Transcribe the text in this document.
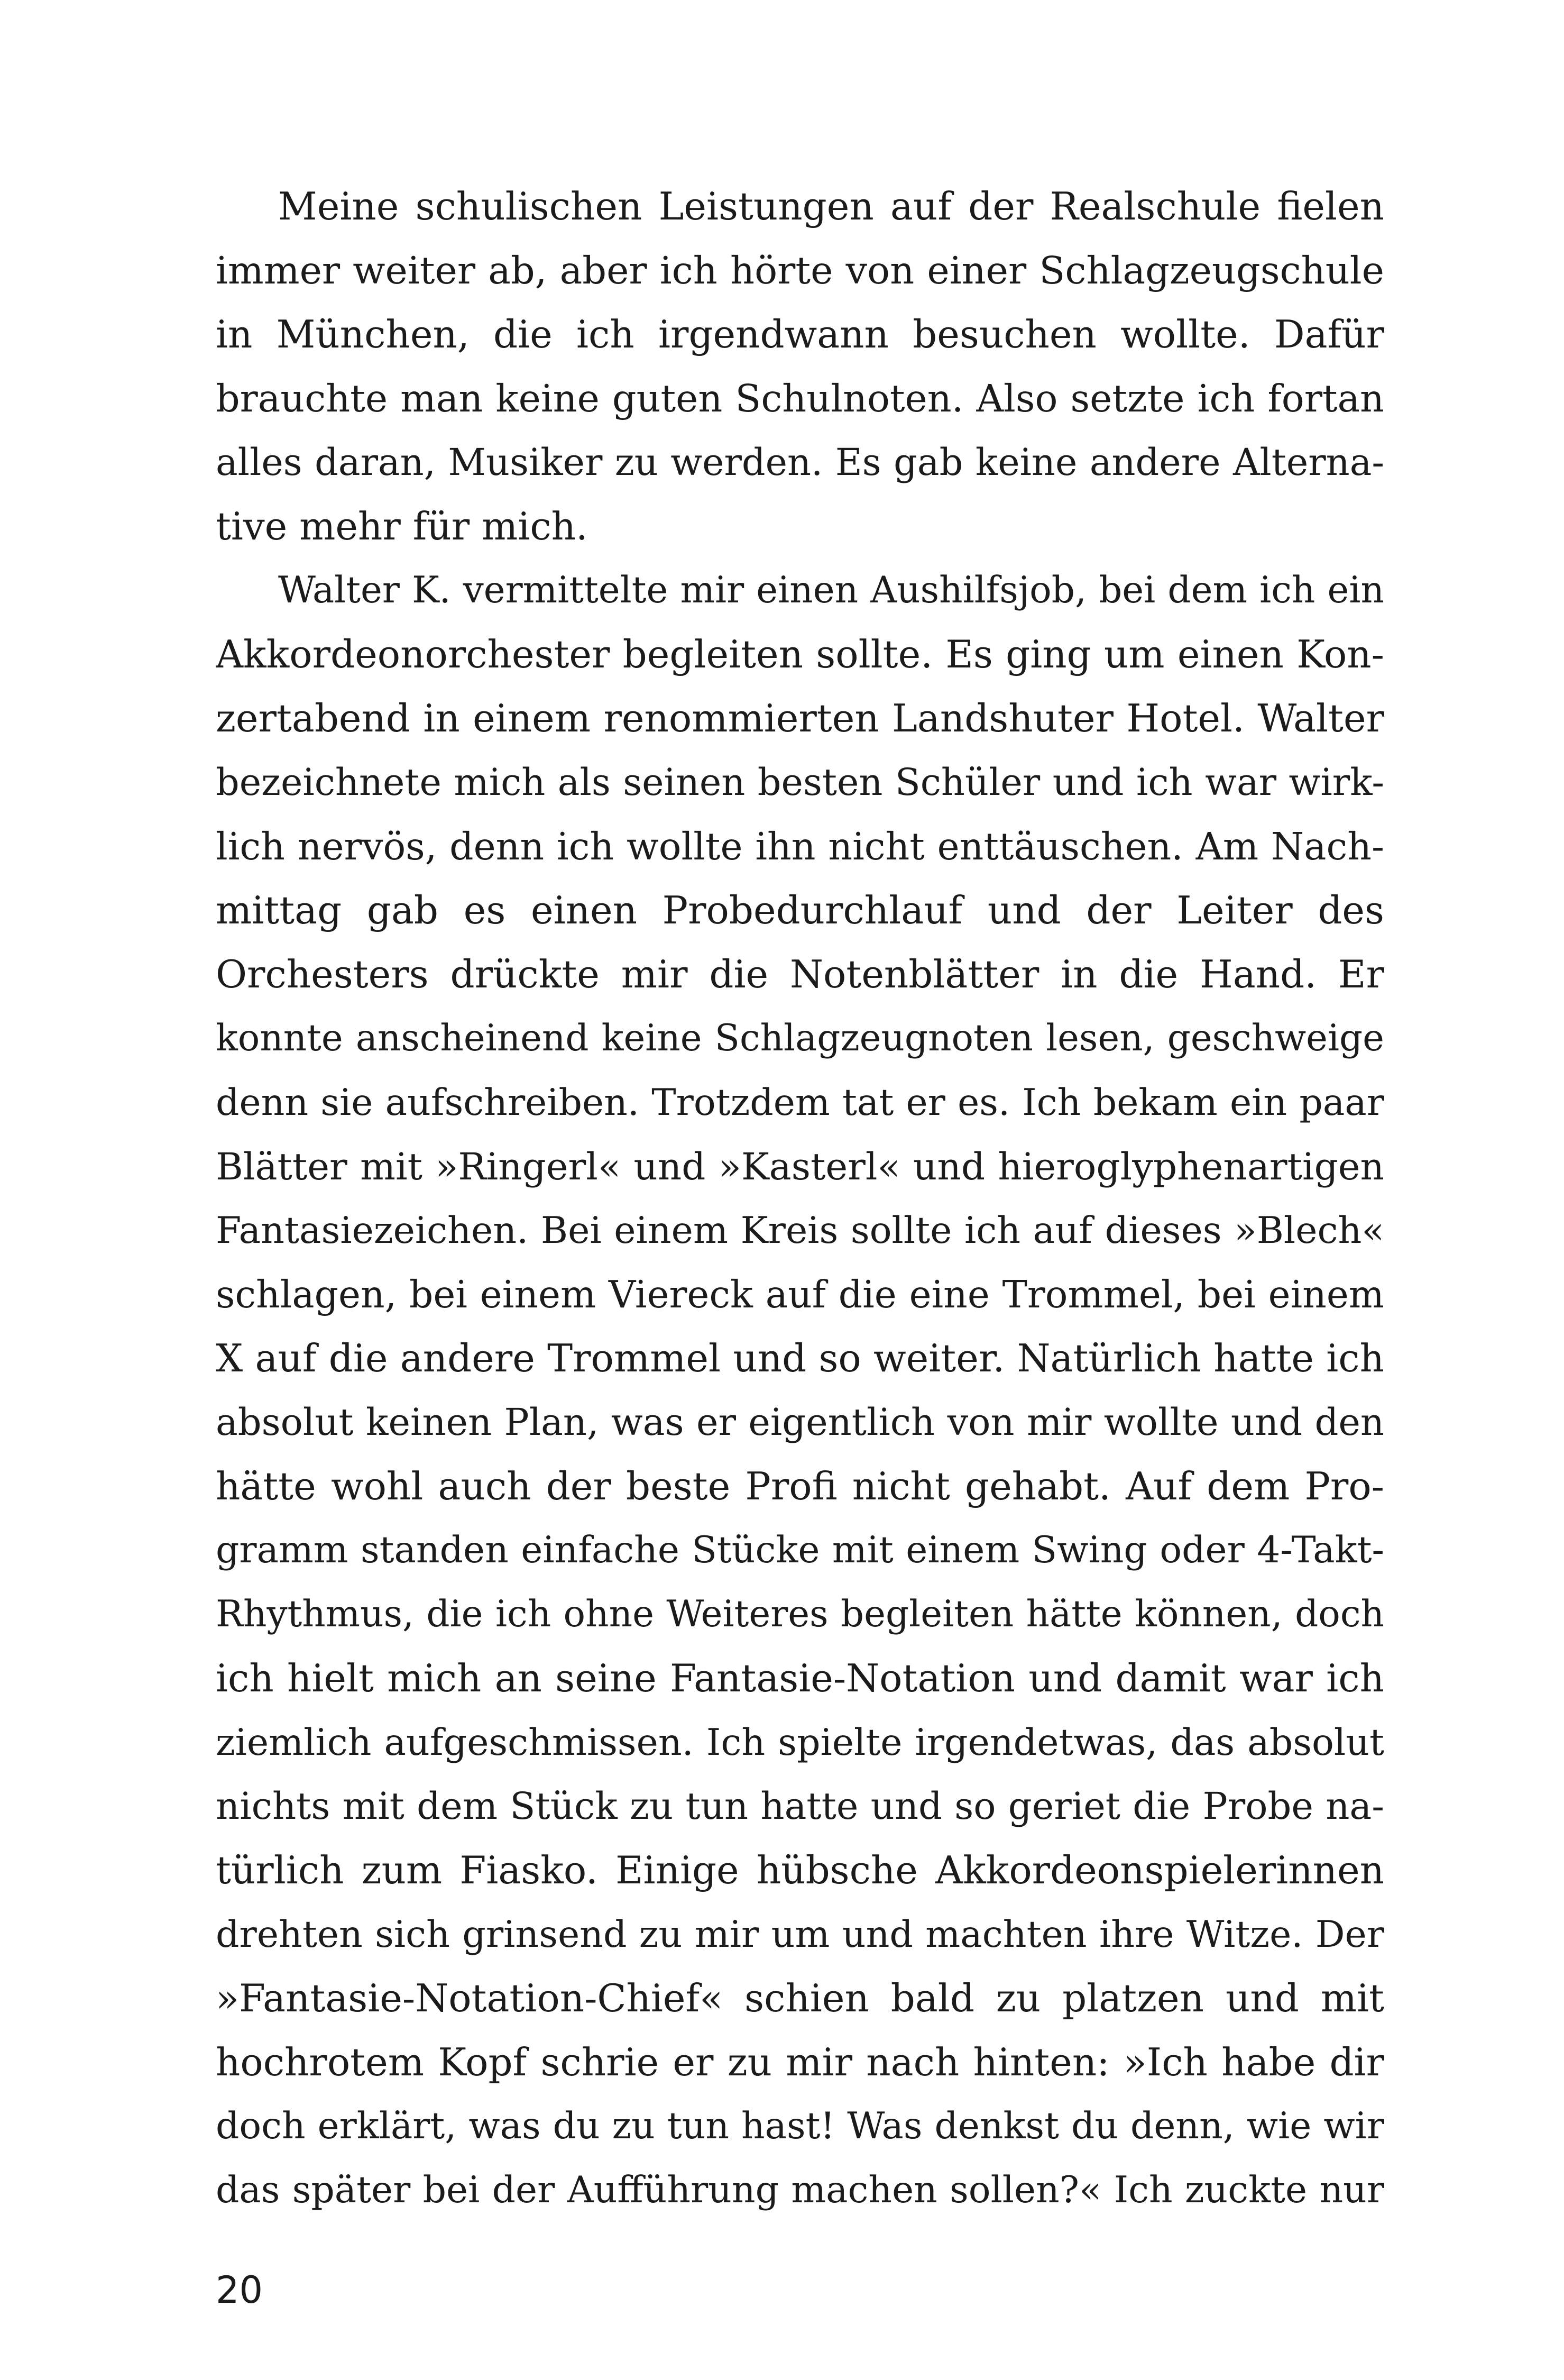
Meine schulischen Leistungen auf der Realschule fielen
immer weiter ab, aber ich hörte von einer Schlagzeugschule
in München, die ich irgendwann besuchen wollte. Dafür
brauchte man keine guten Schulnoten. Also setzte ich fortan
alles daran, Musiker zu werden. Es gab keine andere Alterna-
tive mehr für mich.
Walter K. vermittelte mir einen Aushilfsjob, bei dem ich ein
Akkordeonorchester begleiten sollte. Es ging um einen Kon-
zertabend in einem renommierten Landshuter Hotel. Walter
bezeichnete mich als seinen besten Schüler und ich war wirk-
lich nervös, denn ich wollte ihn nicht enttäuschen. Am Nach-
mittag gab es einen Probedurchlauf und der Leiter des
Orchesters drückte mir die Notenblätter in die Hand. Er
konnte anscheinend keine Schlagzeugnoten lesen, geschweige
denn sie aufschreiben. Trotzdem tat er es. Ich bekam ein paar
Blätter mit »Ringerl« und »Kasterl« und hieroglyphenartigen
Fantasiezeichen. Bei einem Kreis sollte ich auf dieses »Blech«
schlagen, bei einem Viereck auf die eine Trommel, bei einem
X auf die andere Trommel und so weiter. Natürlich hatte ich
absolut keinen Plan, was er eigentlich von mir wollte und den
hätte wohl auch der beste Profi nicht gehabt. Auf dem Pro-
gramm standen einfache Stücke mit einem Swing oder 4-Takt-
Rhythmus, die ich ohne Weiteres begleiten hätte können, doch
ich hielt mich an seine Fantasie-Notation und damit war ich
ziemlich aufgeschmissen. Ich spielte irgendetwas, das absolut
nichts mit dem Stück zu tun hatte und so geriet die Probe na-
türlich zum Fiasko. Einige hübsche Akkordeonspielerinnen
drehten sich grinsend zu mir um und machten ihre Witze. Der
»Fantasie-Notation-Chief« schien bald zu platzen und mit
hochrotem Kopf schrie er zu mir nach hinten: »Ich habe dir
doch erklärt, was du zu tun hast! Was denkst du denn, wie wir
das später bei der Aufführung machen sollen?« Ich zuckte nur
20
